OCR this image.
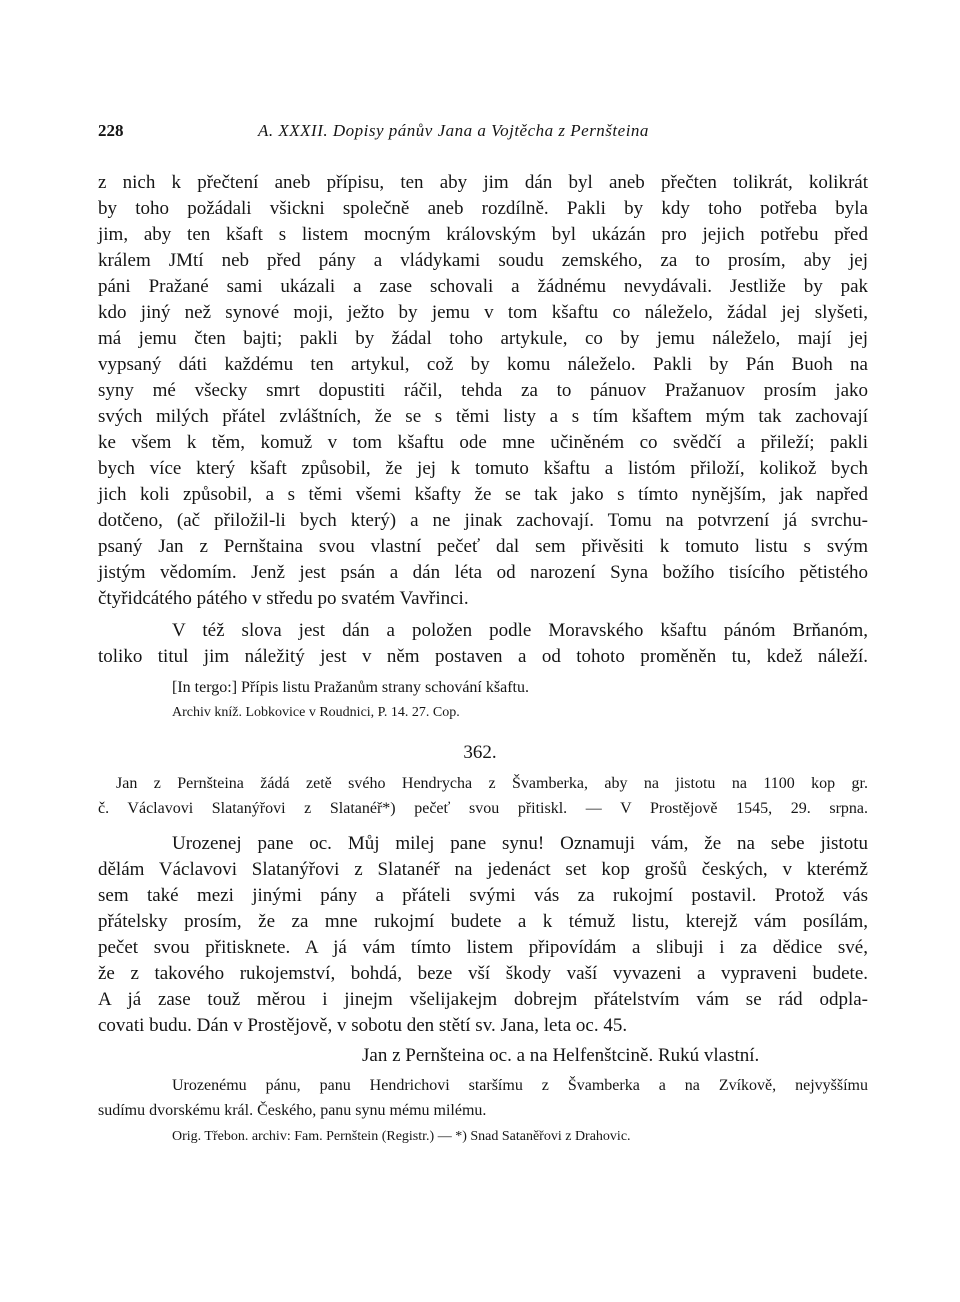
228	A. XXXII. Dopisy pánův Jana a Vojtěcha z Pernšteina
z nich k přečtení aneb přípisu, ten aby jim dán byl aneb přečten tolikrát, kolikrát
by toho požádali všickni společně aneb rozdílně. Pakli by kdy toho potřeba byla
jim, aby ten kšaft s listem mocným královským byl ukázán pro jejich potřebu před
králem JMtí neb před pány a vládykami soudu zemského, za to prosím, aby jej
páni Pražané sami ukázali a zase schovali a žádnému nevydávali. Jestliže by pak
kdo jiný než synové moji, ježto by jemu v tom kšaftu co náleželo, žádal jej slyšeti,
má jemu čten bajti; pakli by žádal toho artykule, co by jemu náleželo, mají jej
vypsaný dáti každému ten artykul, což by komu náleželo. Pakli by Pán Buoh na
syny mé všecky smrt dopustiti ráčil, tehda za to pánuov Pražanuov prosím jako
svých milých přátel zvláštních, že se s těmi listy a s tím kšaftem mým tak zachovají
ke všem k těm, komuž v tom kšaftu ode mne učiněném co svědčí a přileží; pakli
bych více který kšaft způsobil, že jej k tomuto kšaftu a listóm přiloží, kolikož bych
jich koli způsobil, a s těmi všemi kšafty že se tak jako s tímto nynějším, jak napřed
dotčeno, (ač přiložil-li bych který) a ne jinak zachovají. Tomu na potvrzení já svrchu-
psaný Jan z Pernštaina svou vlastní pečeť dal sem přivěsiti k tomuto listu s svým
jistým vědomím. Jenž jest psán a dán léta od narození Syna božího tisícího pětistého
čtyřidcátého pátého v středu po svatém Vavřinci.
V též slova jest dán a položen podle Moravského kšaftu pánóm Brňanóm,
toliko titul jim náležitý jest v něm postaven a od tohoto proměněn tu, kdež náleží.
[In tergo:] Přípis listu Pražanům strany schování kšaftu.
Archiv kníž. Lobkovice v Roudnici, P. 14. 27. Cop.
362.
Jan z Pernšteina žádá zetě svého Hendrycha z Švamberka, aby na jistotu na 1100 kop gr.
č. Václavovi Slatanýřovi z Slatanéř*) pečeť svou přitiskl. — V Prostějově 1545, 29. srpna.
Urozenej pane oc. Můj milej pane synu! Oznamuji vám, že na sebe jistotu
dělám Václavovi Slatanýřovi z Slatanéř na jedenáct set kop grošů českých, v kterémž
sem také mezi jinými pány a přáteli svými vás za rukojmí postavil. Protož vás
přátelsky prosím, že za mne rukojmí budete a k témuž listu, kterejž vám posílám,
pečet svou přitisknete. A já vám tímto listem připovídám a slibuji i za dědice své,
že z takového rukojemství, bohdá, beze vší škody vaší vyvazeni a vypraveni budete.
A já zase touž měrou i jinejm všelijakejm dobrejm přátelstvím vám se rád odpla-
covati budu. Dán v Prostějově, v sobotu den stětí sv. Jana, leta oc. 45.
Jan z Pernšteina oc. a na Helfenštcině. Rukú vlastní.
Urozenému pánu, panu Hendrichovi staršímu z Švamberka a na Zvíkově, nejvyššímu
sudímu dvorskému král. Českého, panu synu mému milému.
Orig. Třebon. archiv: Fam. Pernštein (Registr.) — *) Snad Sataněřovi z Drahovic.
